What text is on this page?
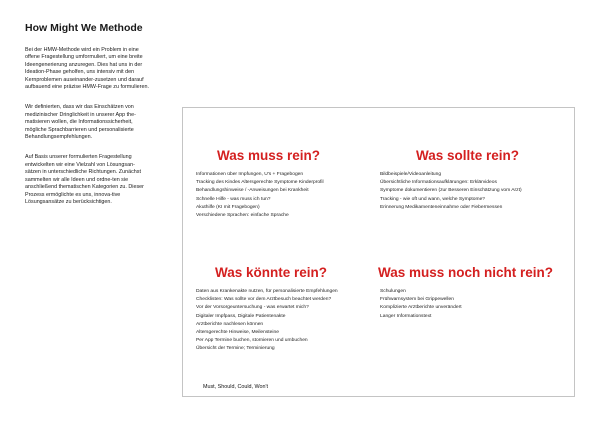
How Might We Methode

Bei der HMW-Methode wird ein Problem in eine offene Fragestellung umformuliert, um eine breite Ideengenerierung anzuregen. Dies hat uns in der Ideation-Phase geholfen, uns intensiv mit den Kernproblemen auseinander-zusetzen und darauf aufbauend eine präzise HMW-Frage zu formulieren.

Wir definierten, dass wir das Einschätzen von medizinischer Dringlichkeit in unserer App the-matisieren wollen, die Informationssicherheit, mögliche Sprachbarrieren und personalisierte Behandlungsempfehlungen.

Auf Basis unserer formulierten Fragestellung entwickelten wir eine Vielzahl von Lösungsan-sätzen in unterschiedliche Richtungen. Zunächst sammelten wir alle Ideen und ordne-ten sie anschließend thematischen Kategorien zu. Dieser Prozess ermöglichte es uns, innova-tive Lösungsansätze zu berücksichtigen.

Was muss rein?
Informationen über Impfungen, U's + Fragebogen
Tracking des Kindes Altersgerechte Symptome Kinderprofil
Behandlungshinweise / -Anweisungen bei Krankheit
Schnelle Hilfe - was muss ich tun?
Akuthilfe (KI mit Fragebogen)
Verschiedene Sprachen: einfache Sprache
Was sollte rein?
Bildbeispiele/Videoanleitung
Übersichtliche Informationsaufklärungen: Erklärvideos
Symptome dokumentieren (zur Besseren Einschätzung vom Arzt)
Tracking - wie oft und wann, welche Symptome?
Erinnerung Medikamenteneinnahme oder Fiebermessen
Was könnte rein?
Daten aus Krankenakte nutzen, für personalisierte Empfehlungen
Checklisten: Was sollte vor dem Arztbesuch beachtet werden?
Vor der Vorsorgeuntersuchung - was erwartet mich?
Digitaler Impfpass, Digitale Patientenakte
Arztberichte nachlesen können
Altersgerechte Hinweise, Meilensteine
Per App Termine buchen, stornieren und umbuchen
Übersicht der Termine; Terminierung
Was muss noch nicht rein?
Schulungen
Frühwarnsystem bei Grippewellen
Komplizierte Arztberichte unverändert
Langer Informationstext
Must, Should, Could, Won't
